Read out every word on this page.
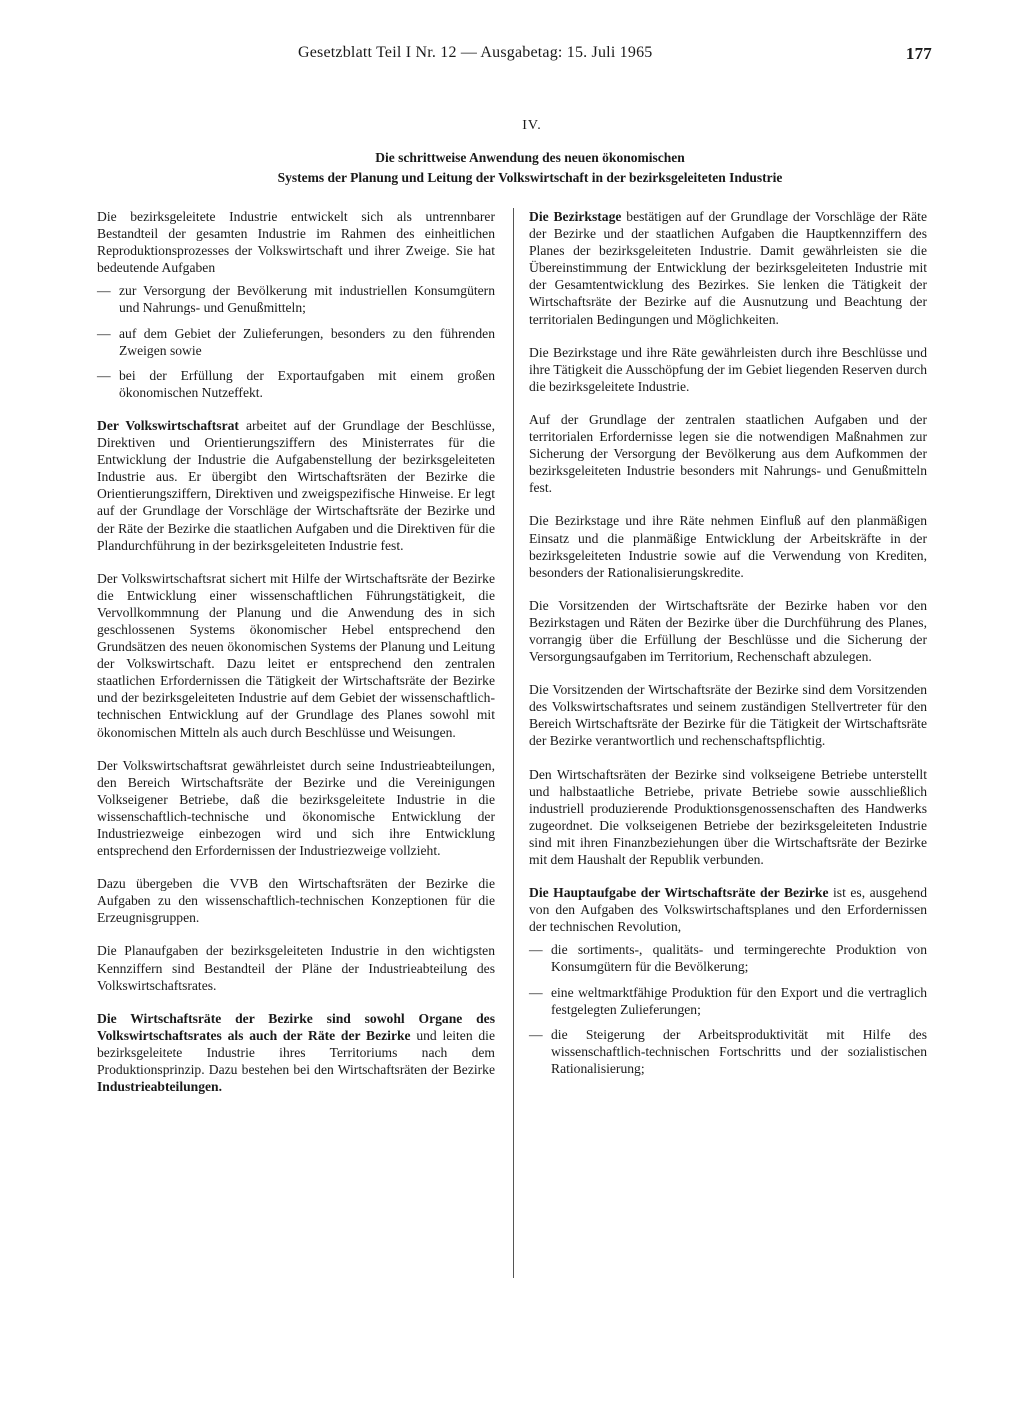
Gesetzblatt Teil I Nr. 12 — Ausgabetag: 15. Juli 1965	177
IV.
Die schrittweise Anwendung des neuen ökonomischen
Systems der Planung und Leitung der Volkswirtschaft in der bezirksgeleiteten Industrie

Die bezirksgeleitete Industrie entwickelt sich als untrennbarer Bestandteil der gesamten Industrie im Rahmen des einheitlichen Reproduktionsprozesses der Volkswirtschaft und ihrer Zweige. Sie hat bedeutende Aufgaben

— zur Versorgung der Bevölkerung mit industriellen Konsumgütern und Nahrungs- und Genußmitteln;
— auf dem Gebiet der Zulieferungen, besonders zu den führenden Zweigen sowie
— bei der Erfüllung der Exportaufgaben mit einem großen ökonomischen Nutzeffekt.

Der Volkswirtschaftsrat arbeitet auf der Grundlage der Beschlüsse, Direktiven und Orientierungsziffern des Ministerrates für die Entwicklung der Industrie die Aufgabenstellung der bezirksgeleiteten Industrie aus. Er übergibt den Wirtschaftsräten der Bezirke die Orientierungsziffern, Direktiven und zweigspezifische Hinweise. Er legt auf der Grundlage der Vorschläge der Wirtschaftsräte der Bezirke und der Räte der Bezirke die staatlichen Aufgaben und die Direktiven für die Plandurchführung in der bezirksgeleiteten Industrie fest.

Der Volkswirtschaftsrat sichert mit Hilfe der Wirtschaftsräte der Bezirke die Entwicklung einer wissenschaftlichen Führungstätigkeit, die Vervollkommnung der Planung und die Anwendung des in sich geschlossenen Systems ökonomischer Hebel entsprechend den Grundsätzen des neuen ökonomischen Systems der Planung und Leitung der Volkswirtschaft. Dazu leitet er entsprechend den zentralen staatlichen Erfordernissen die Tätigkeit der Wirtschaftsräte der Bezirke und der bezirksgeleiteten Industrie auf dem Gebiet der wissenschaftlich-technischen Entwicklung auf der Grundlage des Planes sowohl mit ökonomischen Mitteln als auch durch Beschlüsse und Weisungen.

Der Volkswirtschaftsrat gewährleistet durch seine Industrieabteilungen, den Bereich Wirtschaftsräte der Bezirke und die Vereinigungen Volkseigener Betriebe, daß die bezirksgeleitete Industrie in die wissenschaftlich-technische und ökonomische Entwicklung der Industriezweige einbezogen wird und sich ihre Entwicklung entsprechend den Erfordernissen der Industriezweige vollzieht.

Dazu übergeben die VVB den Wirtschaftsräten der Bezirke die Aufgaben zu den wissenschaftlich-technischen Konzeptionen für die Erzeugnisgruppen.

Die Planaufgaben der bezirksgeleiteten Industrie in den wichtigsten Kennziffern sind Bestandteil der Pläne der Industrieabteilung des Volkswirtschaftsrates.

Die Wirtschaftsräte der Bezirke sind sowohl Organe des Volkswirtschaftsrates als auch der Räte der Bezirke und leiten die bezirksgeleitete Industrie ihres Territoriums nach dem Produktionsprinzip. Dazu bestehen bei den Wirtschaftsräten der Bezirke Industrieabteilungen.

Die Bezirkstage bestätigen auf der Grundlage der Vorschläge der Räte der Bezirke und der staatlichen Aufgaben die Hauptkennziffern des Planes der bezirksgeleiteten Industrie. Damit gewährleisten sie die Übereinstimmung der Entwicklung der bezirksgeleiteten Industrie mit der Gesamtentwicklung des Bezirkes. Sie lenken die Tätigkeit der Wirtschaftsräte der Bezirke auf die Ausnutzung und Beachtung der territorialen Bedingungen und Möglichkeiten.

Die Bezirkstage und ihre Räte gewährleisten durch ihre Beschlüsse und ihre Tätigkeit die Ausschöpfung der im Gebiet liegenden Reserven durch die bezirksgeleitete Industrie.

Auf der Grundlage der zentralen staatlichen Aufgaben und der territorialen Erfordernisse legen sie die notwendigen Maßnahmen zur Sicherung der Versorgung der Bevölkerung aus dem Aufkommen der bezirksgeleiteten Industrie besonders mit Nahrungs- und Genußmitteln fest.

Die Bezirkstage und ihre Räte nehmen Einfluß auf den planmäßigen Einsatz und die planmäßige Entwicklung der Arbeitskräfte in der bezirksgeleiteten Industrie sowie auf die Verwendung von Krediten, besonders der Rationalisierungskredite.

Die Vorsitzenden der Wirtschaftsräte der Bezirke haben vor den Bezirkstagen und Räten der Bezirke über die Durchführung des Planes, vorrangig über die Erfüllung der Beschlüsse und die Sicherung der Versorgungsaufgaben im Territorium, Rechenschaft abzulegen.

Die Vorsitzenden der Wirtschaftsräte der Bezirke sind dem Vorsitzenden des Volkswirtschaftsrates und seinem zuständigen Stellvertreter für den Bereich Wirtschaftsräte der Bezirke für die Tätigkeit der Wirtschaftsräte der Bezirke verantwortlich und rechenschaftspflichtig.

Den Wirtschaftsräten der Bezirke sind volkseigene Betriebe unterstellt und halbstaatliche Betriebe, private Betriebe sowie ausschließlich industriell produzierende Produktionsgenossenschaften des Handwerks zugeordnet. Die volkseigenen Betriebe der bezirksgeleiteten Industrie sind mit ihren Finanzbeziehungen über die Wirtschaftsräte der Bezirke mit dem Haushalt der Republik verbunden.

Die Hauptaufgabe der Wirtschaftsräte der Bezirke ist es, ausgehend von den Aufgaben des Volkswirtschaftsplanes und den Erfordernissen der technischen Revolution,

— die sortiments-, qualitäts- und termingerechte Produktion von Konsumgütern für die Bevölkerung;
— eine weltmarktfähige Produktion für den Export und die vertraglich festgelegten Zulieferungen;
— die Steigerung der Arbeitsproduktivität mit Hilfe des wissenschaftlich-technischen Fortschritts und der sozialistischen Rationalisierung;
